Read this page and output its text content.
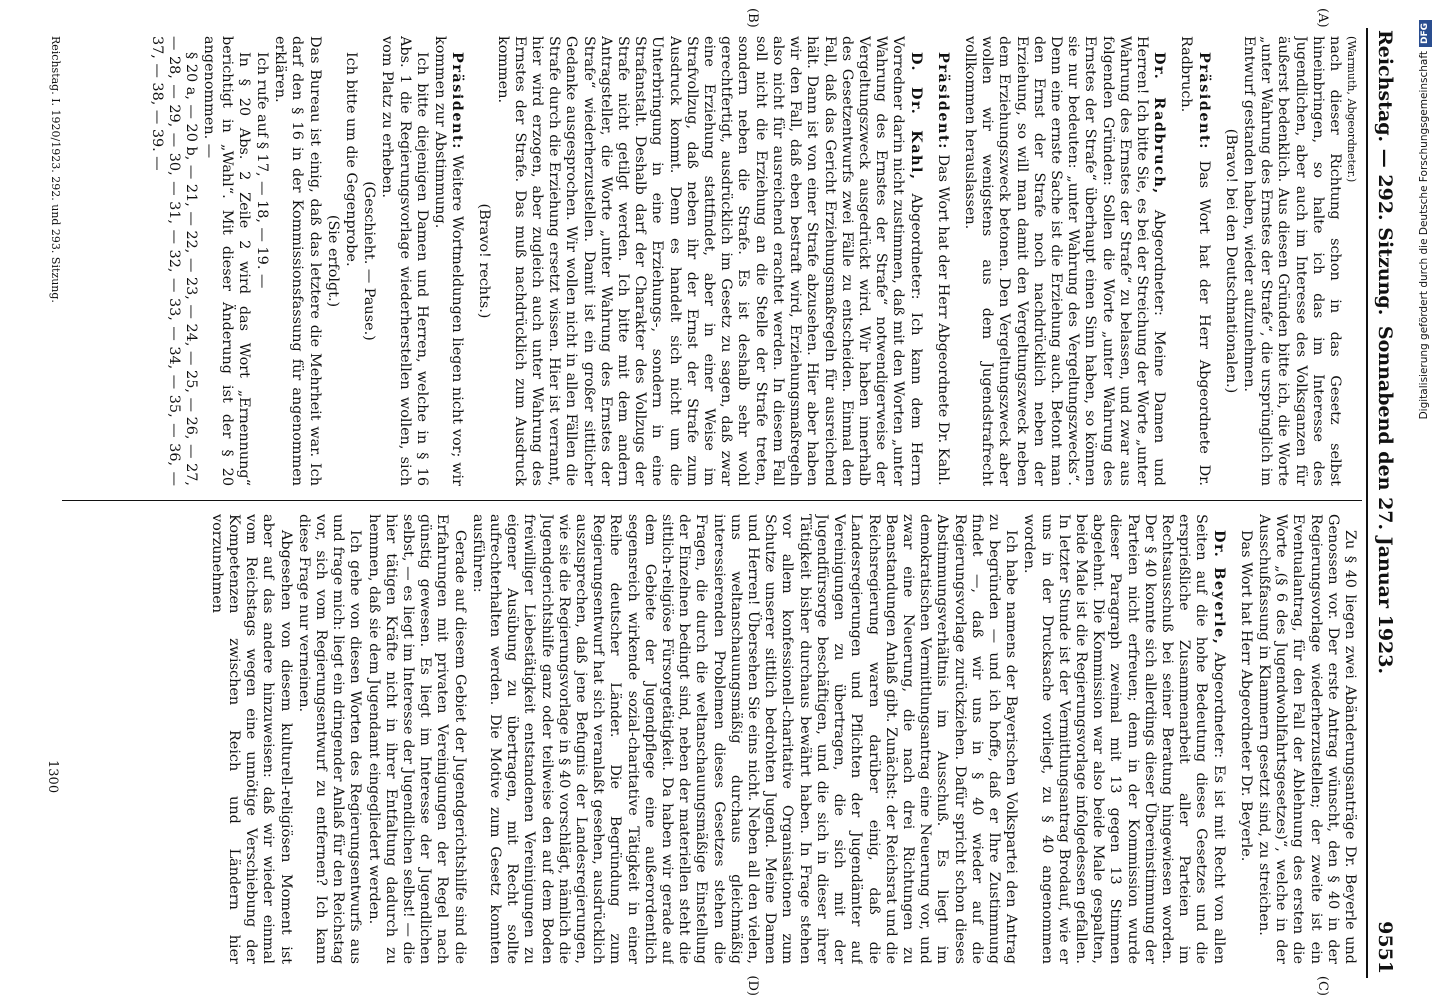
Reichstag. — 292. Sitzung.
Sonnabend den 27. Januar 1923.
9551
(A)
(B)
(C)
(D)

(Warmuth, Abgeordneter.)

nach dieser Richtung schon in das Gesetz selbst hineinbringen, so halte ich das im Interesse des Jugendlichen, aber auch im Interesse des Volksganzen für äußerst bedenklich. Aus diesen Gründen bitte ich, die Worte „unter Wahrung des Ernstes der Strafe“, die ursprünglich im Entwurf gestanden haben, wieder aufzunehmen.

(Bravo! bei den Deutschnationalen.)

Präsident: Das Wort hat der Herr Abgeordnete Dr. Radbruch.

Dr. Radbruch, Abgeordneter: Meine Damen und Herren! Ich bitte Sie, es bei der Streichung der Worte „unter Wahrung des Ernstes der Strafe“ zu belassen, und zwar aus folgenden Gründen: Sollen die Worte „unter Wahrung des Ernstes der Strafe“ überhaupt einen Sinn haben, so können sie nur bedeuten: „unter Wahrung des Vergeltungszwecks“. Denn eine ernste Sache ist die Erziehung auch. Betont man den Ernst der Strafe noch nachdrücklich neben der Erziehung, so will man damit den Vergeltungszweck neben dem Erziehungszweck betonen. Den Vergeltungszweck aber wollen wir wenigstens aus dem Jugendstrafrecht vollkommen herauslassen.

Präsident: Das Wort hat der Herr Abgeordnete Dr. Kahl.

D. Dr. Kahl, Abgeordneter: Ich kann dem Herrn Vorredner darin nicht zustimmen, daß mit den Worten „unter Wahrung des Ernstes der Strafe“ notwendigerweise der Vergeltungszweck ausgedrückt wird. Wir haben innerhalb des Gesetzentwurfs zwei Fälle zu entscheiden. Einmal den Fall, daß das Gericht Erziehungsmaßregeln für ausreichend hält. Dann ist von einer Strafe abzusehen. Hier aber haben wir den Fall, daß eben bestraft wird, Erziehungsmaßregeln also nicht für ausreichend erachtet werden. In diesem Fall soll nicht die Erziehung an die Stelle der Strafe treten, sondern neben die Strafe. Es ist deshalb sehr wohl gerechtfertigt, ausdrücklich im Gesetz zu sagen, daß zwar eine Erziehung stattfindet, aber in einer Weise im Strafvollzug, daß neben ihr der Ernst der Strafe zum Ausdruck kommt. Denn es handelt sich nicht um die Unterbringung in eine Erziehungs-, sondern in eine Strafanstalt. Deshalb darf der Charakter des Vollzugs der Strafe nicht getilgt werden. Ich bitte mit dem andern Antragsteller, die Worte „unter Wahrung des Ernstes der Strafe“ wiederherzustellen. Damit ist ein großer sittlicher Gedanke ausgesprochen. Wir wollen nicht in allen Fällen die Strafe durch die Erziehung ersetzt wissen. Hier ist verrannt, hier wird erzogen, aber zugleich auch unter Wahrung des Ernstes der Strafe. Das muß nachdrücklich zum Ausdruck kommen.

(Bravo! rechts.)

Präsident: Weitere Wortmeldungen liegen nicht vor; wir kommen zur Abstimmung.

Ich bitte diejenigen Damen und Herren, welche in § 16 Abs. 1 die Regierungsvorlage wiederherstellen wollen, sich vom Platz zu erheben.

(Geschieht. — Pause.)

Ich bitte um die Gegenprobe.

(Sie erfolgt.)

Das Bureau ist einig, daß das letztere die Mehrheit war. Ich darf den § 16 in der Kommissionsfassung für angenommen erklären.

Ich rufe auf § 17, — 18, — 19. —

In § 20 Abs. 2 Zeile 2 wird das Wort „Ernennung“ berichtigt in „Wahl“. Mit dieser Änderung ist der § 20 angenommen. —

§ 20 a, — 20 b, — 21, — 22, — 23, — 24, — 25, — 26, — 27, — 28, — 29, — 30, — 31, — 32, — 33, — 34, — 35, — 36, — 37, — 38, — 39. —

Zu § 40 liegen zwei Abänderungsanträge Dr. Beyerle und Genossen vor. Der erste Antrag wünscht, den § 40 in der Regierungsvorlage wiederherzustellen; der zweite ist ein Eventualantrag, für den Fall der Ablehnung des ersten die Worte „(§ 6 des Jugendwohlfahrtsgesetzes)“, welche in der Ausschußfassung in Klammern gesetzt sind, zu streichen.

Das Wort hat Herr Abgeordneter Dr. Beyerle.

Dr. Beyerle, Abgeordneter: Es ist mit Recht von allen Seiten auf die hohe Bedeutung dieses Gesetzes und die ersprießliche Zusammenarbeit aller Parteien im Rechtsausschuß bei seiner Beratung hingewiesen worden. Der § 40 konnte sich allerdings dieser Übereinstimmung der Parteien nicht erfreuen; denn in der Kommission wurde dieser Paragraph zweimal mit 13 gegen 13 Stimmen abgelehnt. Die Kommission war also beide Male gespalten, beide Male ist die Regierungsvorlage infolgedessen gefallen. In letzter Stunde ist der Vermittlungsantrag Brodauf, wie er uns in der Drucksache vorliegt, zu § 40 angenommen worden.

Ich habe namens der Bayerischen Volkspartei den Antrag zu begründen — und ich hoffe, daß er Ihre Zustimmung findet —, daß wir uns in § 40 wieder auf die Regierungsvorlage zurückziehen. Dafür spricht schon dieses Abstimmungsverhältnis im Ausschuß. Es liegt im demokratischen Vermittlungsantrag eine Neuerung vor, und zwar eine Neuerung, die nach drei Richtungen zu Beanstandungen Anlaß gibt. Zunächst: der Reichsrat und die Reichsregierung waren darüber einig, daß die Landesregierungen und Pflichten der Jugendämter auf Vereinigungen zu übertragen, die sich mit der Jugendfürsorge beschäftigen, und die sich in dieser ihrer Tätigkeit bisher durchaus bewährt haben. In Frage stehen vor allem konfessionell-charitative Organisationen zum Schutze unserer sittlich bedrohten Jugend. Meine Damen und Herren! Übersehen Sie eins nicht. Neben all den vielen, uns weltanschauungsmäßig durchaus gleichmäßig interessierenden Problemen dieses Gesetzes stehen die Fragen, die durch die weltanschauungsmäßige Einstellung der Einzelnen bedingt sind, neben der materiellen steht die sittlich-religiöse Fürsorgetätigkeit. Da haben wir gerade auf dem Gebiete der Jugendpflege eine außerordentlich segensreich wirkende sozial-charitative Tätigkeit in einer Reihe deutscher Länder. Die Begründung zum Regierungsentwurf hat sich veranlaßt gesehen, ausdrücklich auszusprechen, daß jene Befugnis der Landesregierungen, wie sie die Regierungsvorlage in § 40 vorschlägt, nämlich die Jugendgerichtshilfe ganz oder teilweise den auf dem Boden freiwilliger Liebestätigkeit entstandenen Vereinigungen zu eigener Ausübung zu übertragen, mit Recht sollte aufrechterhalten werden. Die Motive zum Gesetz konnten ausführen:

Gerade auf diesem Gebiet der Jugendgerichtshilfe sind die Erfahrungen mit privaten Vereinigungen der Regel nach günstig gewesen. Es liegt im Interesse der Jugendlichen selbst, — es liegt im Interesse der Jugendlichen selbst! — die hier tätigen Kräfte nicht in ihrer Entfaltung dadurch zu hemmen, daß sie dem Jugendamt eingegliedert werden.

Ich gehe von diesen Worten des Regierungsentwurfs aus und frage mich: liegt ein dringender Anlaß für den Reichstag vor, sich vom Regierungsentwurf zu entfernen? Ich kann diese Frage nur verneinen.

Abgesehen von diesem kulturell-religiösen Moment ist aber auf das andere hinzuweisen: daß wir wieder einmal vom Reichstags wegen eine unnötige Verschiebung der Kompetenzen zwischen Reich und Ländern hier vorzunehmen

Reichstag. I. 1920/1923. 292. und 293. Sitzung.
1300
Digitalisierung gefördert durch die Deutsche ForschungsgemeinschaftDFG
